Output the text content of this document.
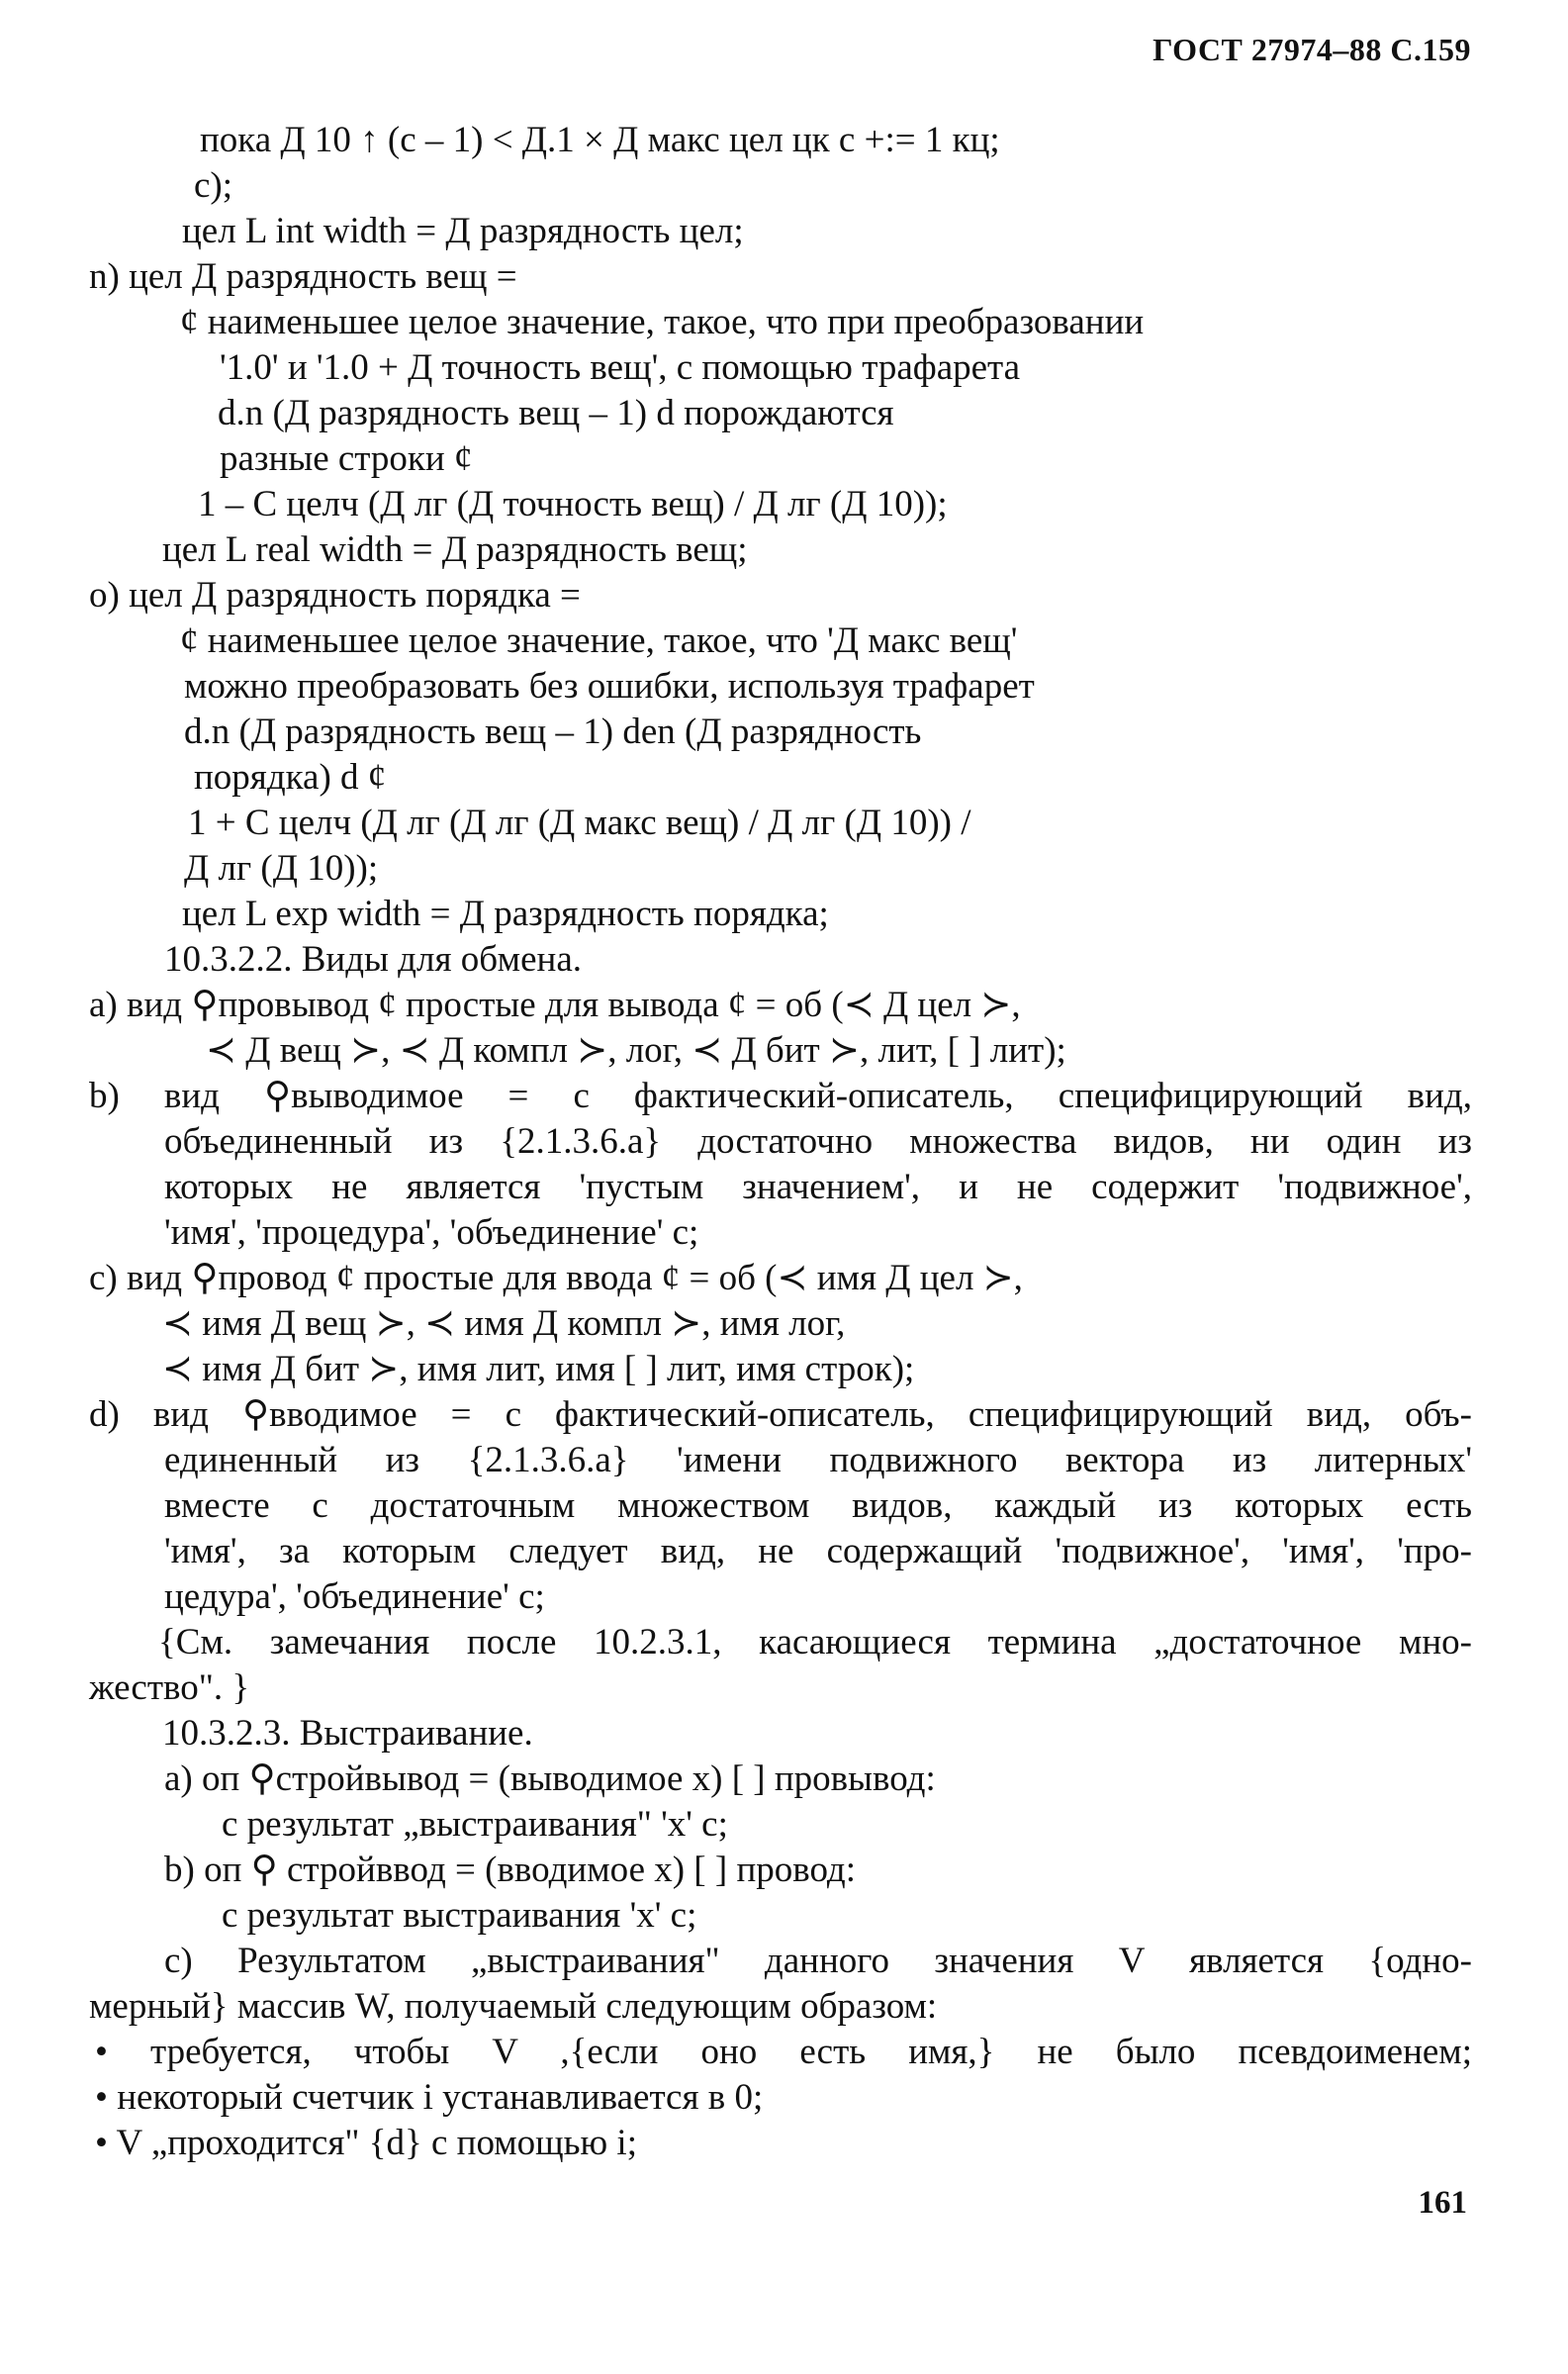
ГОСТ 27974–88 С.159
пока Д 10 ↑ (с – 1) < Д.1 × Д макс цел цк с +:= 1 кц;
с);
цел L int width = Д разрядность цел;
n) цел Д разрядность вещ =
¢ наименьшее целое значение, такое, что при преобразовании
'1.0' и '1.0 + Д точность вещ', с помощью трафарета
d.n (Д разрядность вещ – 1) d порождаются
разные строки ¢
1 – С целч (Д лг (Д точность вещ) / Д лг (Д 10));
цел L real width = Д разрядность вещ;
o) цел Д разрядность порядка =
¢ наименьшее целое значение, такое, что 'Д макс вещ'
можно преобразовать без ошибки, используя трафарет
d.n (Д разрядность вещ – 1) den (Д разрядность
порядка) d ¢
1 + С целч (Д лг (Д лг (Д макс вещ) / Д лг (Д 10)) /
Д лг (Д 10));
цел L exp width = Д разрядность порядка;
10.3.2.2. Виды для обмена.
a) вид ⚲провывод ¢ простые для вывода ¢ = об (≺ Д цел ≻,
≺ Д вещ ≻, ≺ Д компл ≻, лог, ≺ Д бит ≻, лит, [ ] лит);
b) вид ⚲выводимое = с фактический-описатель, специфицирующий вид,
объединенный из {2.1.3.6.a} достаточно множества видов, ни один из
которых не является 'пустым значением', и не содержит 'подвижное',
'имя', 'процедура', 'объединение' с;
c) вид ⚲провод ¢ простые для ввода ¢ = об (≺ имя Д цел ≻,
≺ имя Д вещ ≻, ≺ имя Д компл ≻, имя лог,
≺ имя Д бит ≻, имя лит, имя [ ] лит, имя строк);
d) вид ⚲вводимое = с фактический-описатель, специфицирующий вид, объ-
единенный из {2.1.3.6.a} 'имени подвижного вектора из литерных'
вместе с достаточным множеством видов, каждый из которых есть
'имя', за которым следует вид, не содержащий 'подвижное', 'имя', 'про-
цедура', 'объединение' с;
{См. замечания после 10.2.3.1, касающиеся термина „достаточное мно-
жество". }
10.3.2.3. Выстраивание.
a) оп ⚲стройвывод = (выводимое x) [ ] провывод:
с результат „выстраивания" 'x' с;
b) оп ⚲ стройввод = (вводимое x) [ ] провод:
с результат выстраивания 'x' с;
c) Результатом „выстраивания" данного значения V является {одно-
мерный} массив W, получаемый следующим образом:
• требуется, чтобы V ,{если оно есть имя,} не было псевдоименем;
• некоторый счетчик i устанавливается в 0;
• V „проходится" {d} с помощью i;
161
